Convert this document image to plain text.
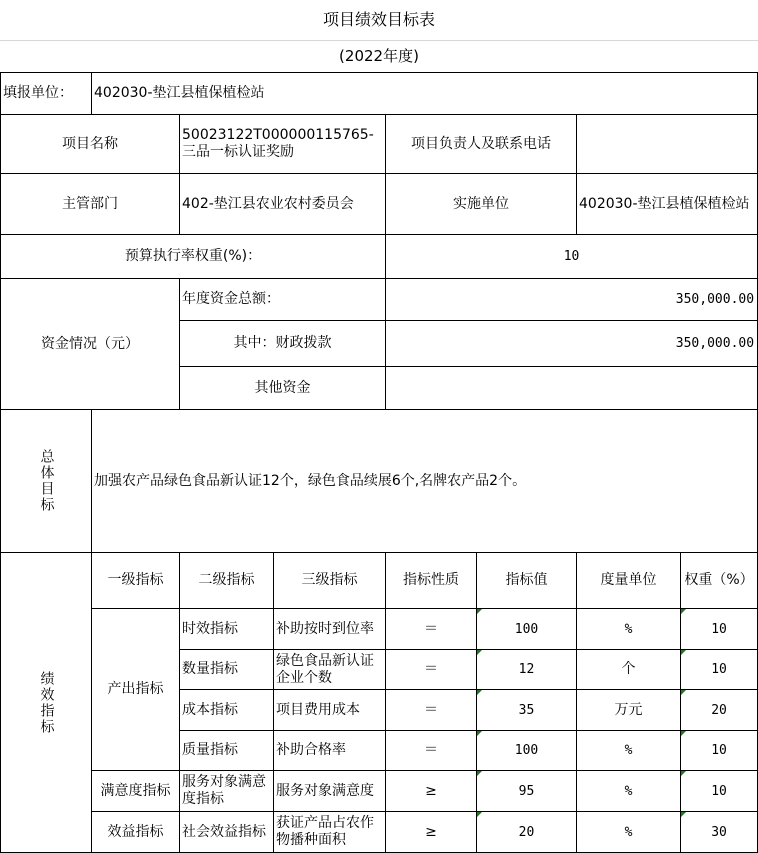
项目绩效目标表
(2022年度)
填报单位：	402030-垫江县植保植检站						
项目名称		50023122T000000115765-三品一标认证奖励		项目负责人及联系电话			
主管部门		402-垫江县农业农村委员会		实施单位		402030-垫江县植保植检站	
预算执行率权重(%)：				10			
资金情况（元）		年度资金总额：		350,000.00			
		其中：财政拨款		350,000.00			
		其他资金					

总体目标	加强农产品绿色食品新认证12个，绿色食品续展6个,名牌农产品2个。						

绩效指标	一级指标	二级指标	三级指标	指标性质	指标值	度量单位	权重（%）
	产出指标	时效指标	补助按时到位率	＝	100	%	10
		数量指标	绿色食品新认证企业个数	＝	12	个	10
		成本指标	项目费用成本	＝	35	万元	20
		质量指标	补助合格率	＝	100	%	10
	满意度指标	服务对象满意度指标	服务对象满意度	≥	95	%	10
	效益指标	社会效益指标	获证产品占农作物播种面积	≥	20	%	30
